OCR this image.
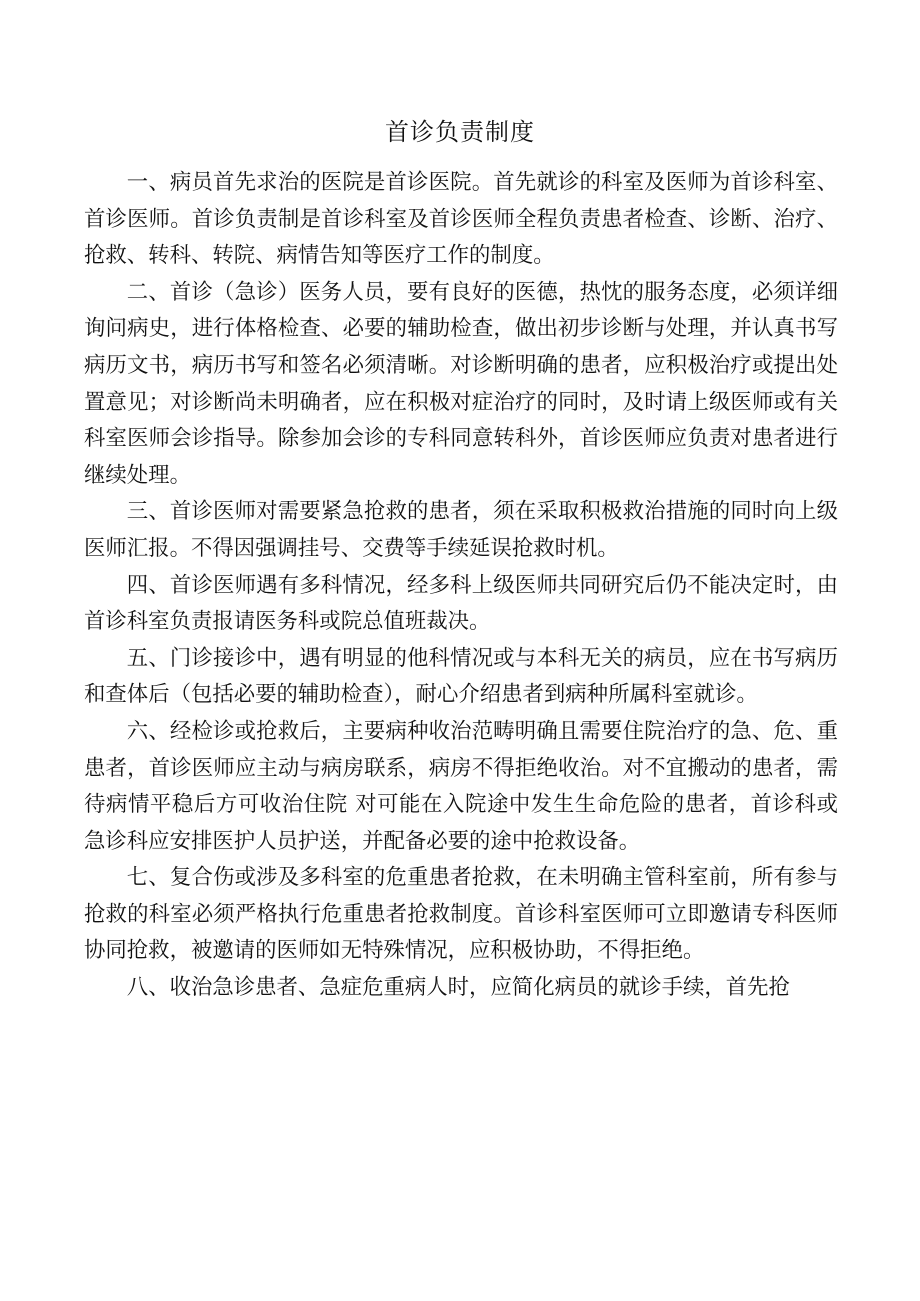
首诊负责制度

一、病员首先求治的医院是首诊医院。首先就诊的科室及医师为首诊科室、首诊医师。首诊负责制是首诊科室及首诊医师全程负责患者检查、诊断、治疗、抢救、转科、转院、病情告知等医疗工作的制度。

二、首诊（急诊）医务人员，要有良好的医德，热忱的服务态度，必须详细询问病史，进行体格检查、必要的辅助检查，做出初步诊断与处理，并认真书写病历文书，病历书写和签名必须清晰。对诊断明确的患者，应积极治疗或提出处置意见；对诊断尚未明确者，应在积极对症治疗的同时，及时请上级医师或有关科室医师会诊指导。除参加会诊的专科同意转科外，首诊医师应负责对患者进行继续处理。

三、首诊医师对需要紧急抢救的患者，须在采取积极救治措施的同时向上级医师汇报。不得因强调挂号、交费等手续延误抢救时机。

四、首诊医师遇有多科情况，经多科上级医师共同研究后仍不能决定时，由首诊科室负责报请医务科或院总值班裁决。

五、门诊接诊中，遇有明显的他科情况或与本科无关的病员，应在书写病历和查体后（包括必要的辅助检查），耐心介绍患者到病种所属科室就诊。

六、经检诊或抢救后，主要病种收治范畴明确且需要住院治疗的急、危、重患者，首诊医师应主动与病房联系，病房不得拒绝收治。对不宜搬动的患者，需待病情平稳后方可收治住院 对可能在入院途中发生生命危险的患者，首诊科或急诊科应安排医护人员护送，并配备必要的途中抢救设备。

七、复合伤或涉及多科室的危重患者抢救，在未明确主管科室前，所有参与抢救的科室必须严格执行危重患者抢救制度。首诊科室医师可立即邀请专科医师协同抢救，被邀请的医师如无特殊情况，应积极协助，不得拒绝。

八、收治急诊患者、急症危重病人时，应简化病员的就诊手续，首先抢
